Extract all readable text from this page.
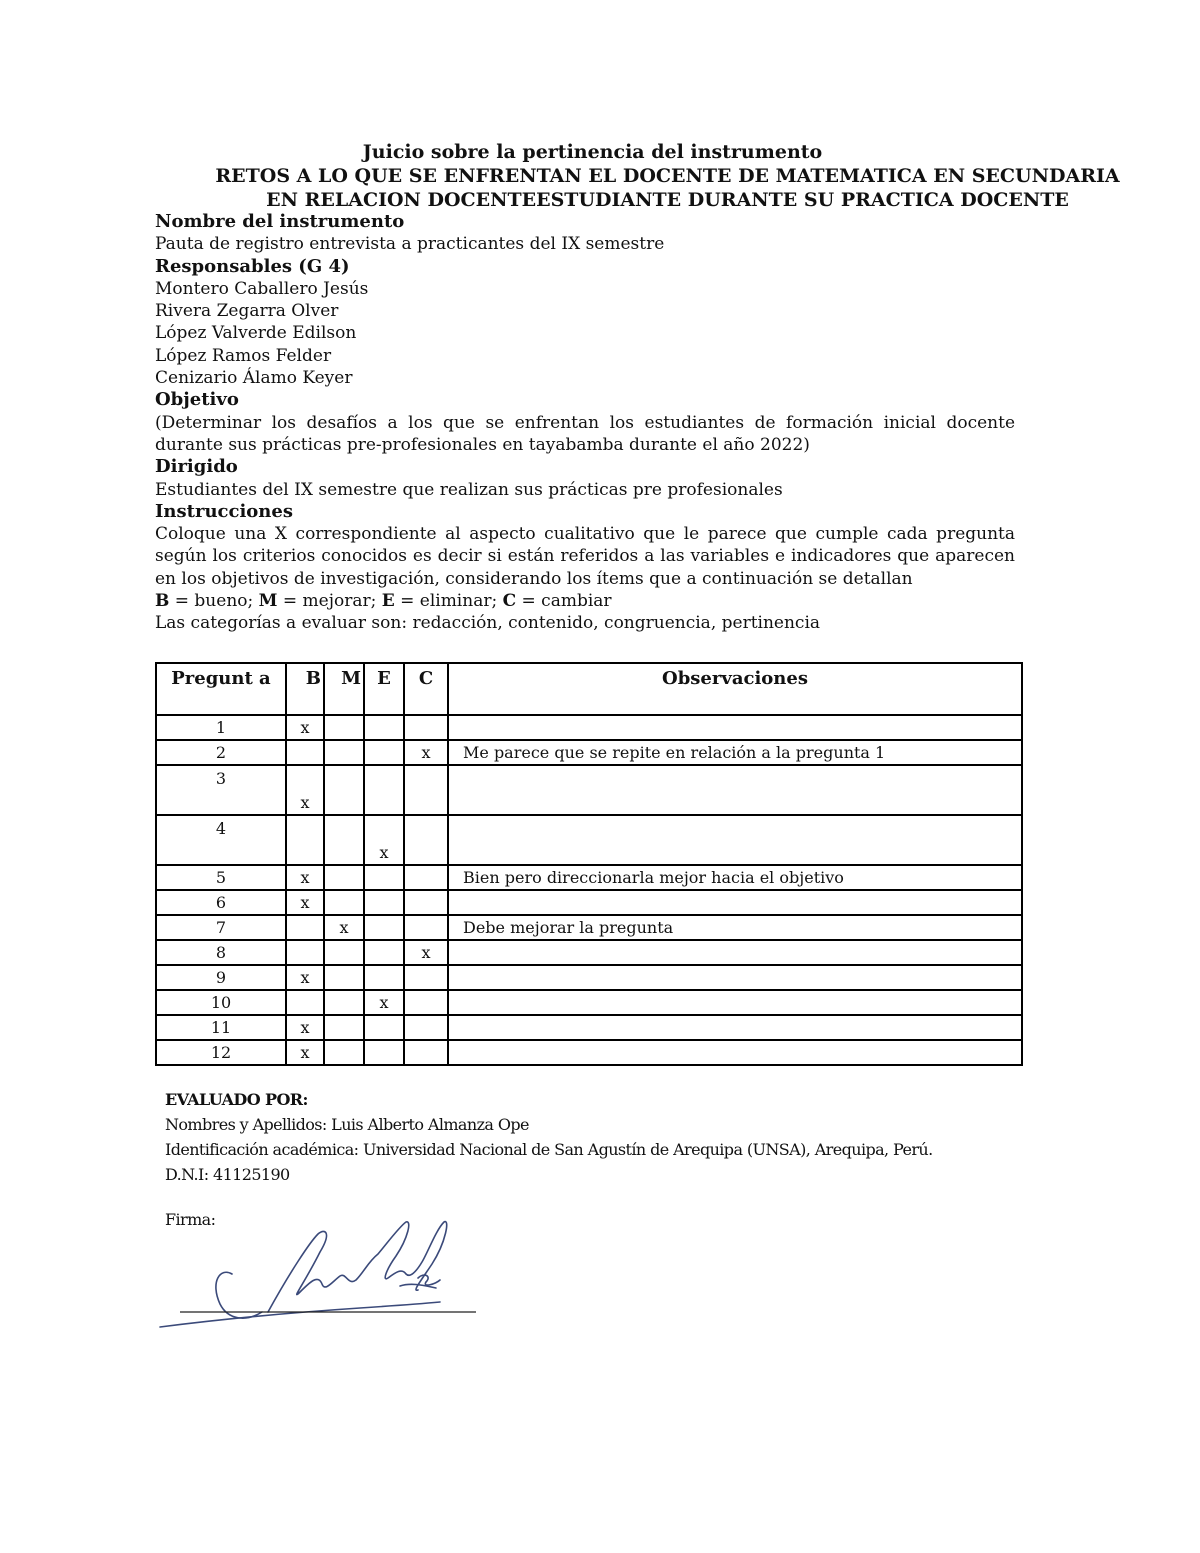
Juicio sobre la pertinencia del instrumento
RETOS A LO QUE SE ENFRENTAN EL DOCENTE DE MATEMATICA EN SECUNDARIA
EN RELACION DOCENTEESTUDIANTE DURANTE SU PRACTICA DOCENTE
Nombre del instrumento
Pauta de registro entrevista a practicantes del IX semestre
Responsables (G 4)
Montero Caballero Jesús
Rivera Zegarra Olver
López Valverde Edilson
López Ramos Felder
Cenizario Álamo Keyer
Objetivo
(Determinar los desafíos a los que se enfrentan los estudiantes de formación inicial docente durante sus prácticas pre-profesionales en tayabamba durante el año 2022)
Dirigido
Estudiantes del IX semestre que realizan sus prácticas pre profesionales
Instrucciones
Coloque una X correspondiente al aspecto cualitativo que le parece que cumple cada pregunta según los criterios conocidos es decir si están referidos a las variables e indicadores que aparecen en los objetivos de investigación, considerando los ítems que a continuación se detallan
B = bueno; M = mejorar; E = eliminar; C = cambiar
Las categorías a evaluar son: redacción, contenido, congruencia, pertinencia
Pregunt a	B	M	E	C	Observaciones
1	x				
2				x	Me parece que se repite en relación a la pregunta 1
3	x				
4			x		
5	x				Bien pero direccionarla mejor hacia el objetivo
6	x				
7		x			Debe mejorar la pregunta
8				x	
9	x				
10			x		
11	x				
12	x				
EVALUADO POR:
Nombres y Apellidos: Luis Alberto Almanza Ope
Identificación académica: Universidad Nacional de San Agustín de Arequipa (UNSA), Arequipa, Perú.
D.N.I: 41125190
Firma:
